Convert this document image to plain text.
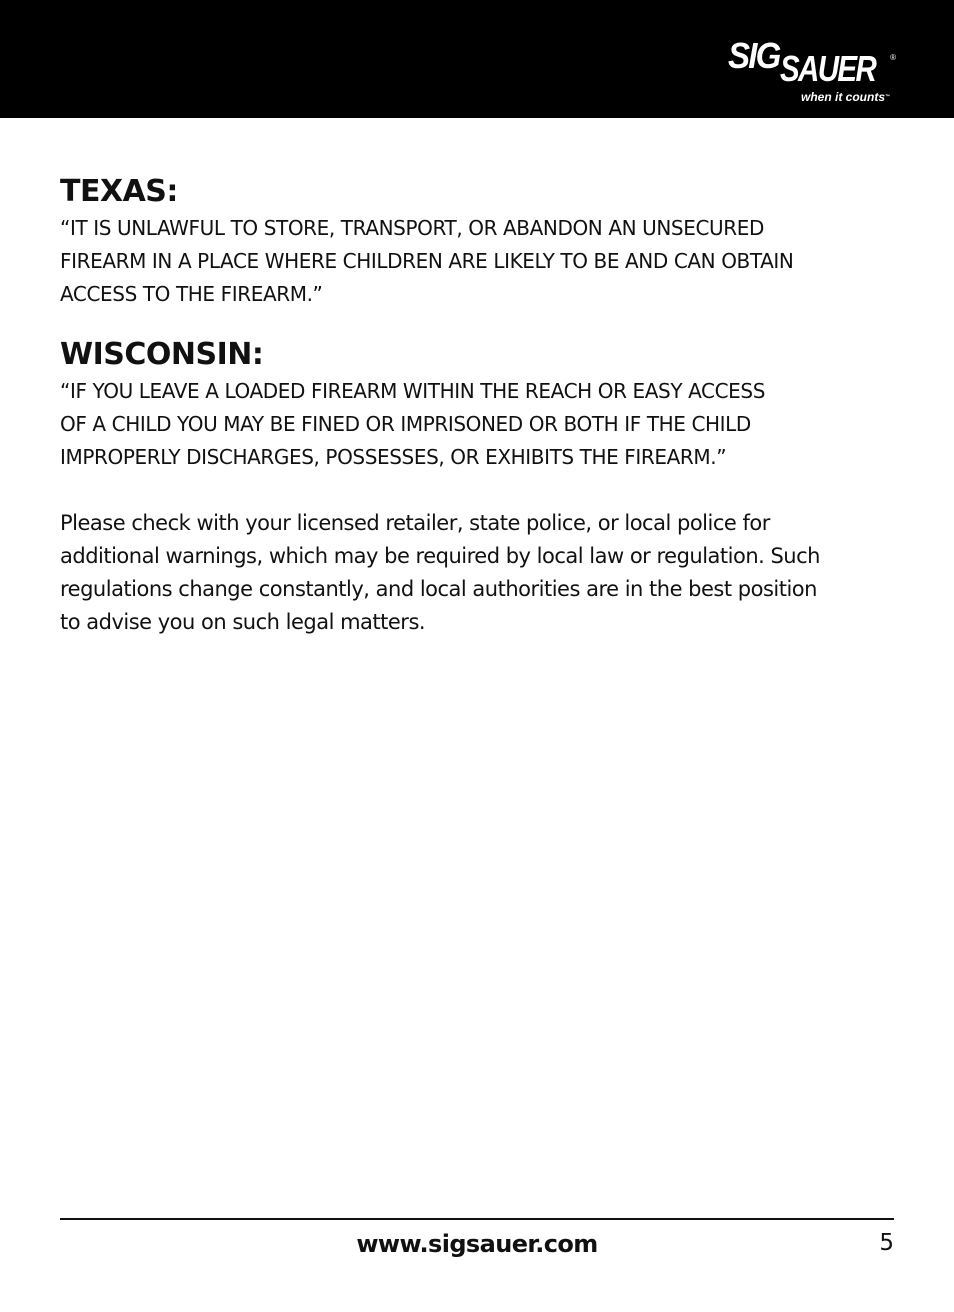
SIG SAUER ®
when it counts™
TEXAS:

“IT IS UNLAWFUL TO STORE, TRANSPORT, OR ABANDON AN UNSECURED
FIREARM IN A PLACE WHERE CHILDREN ARE LIKELY TO BE AND CAN OBTAIN
ACCESS TO THE FIREARM.”

WISCONSIN:

“IF YOU LEAVE A LOADED FIREARM WITHIN THE REACH OR EASY ACCESS
OF A CHILD YOU MAY BE FINED OR IMPRISONED OR BOTH IF THE CHILD
IMPROPERLY DISCHARGES, POSSESSES, OR EXHIBITS THE FIREARM.”

Please check with your licensed retailer, state police, or local police for
additional warnings, which may be required by local law or regulation. Such
regulations change constantly, and local authorities are in the best position
to advise you on such legal matters.

www.sigsauer.com	5
